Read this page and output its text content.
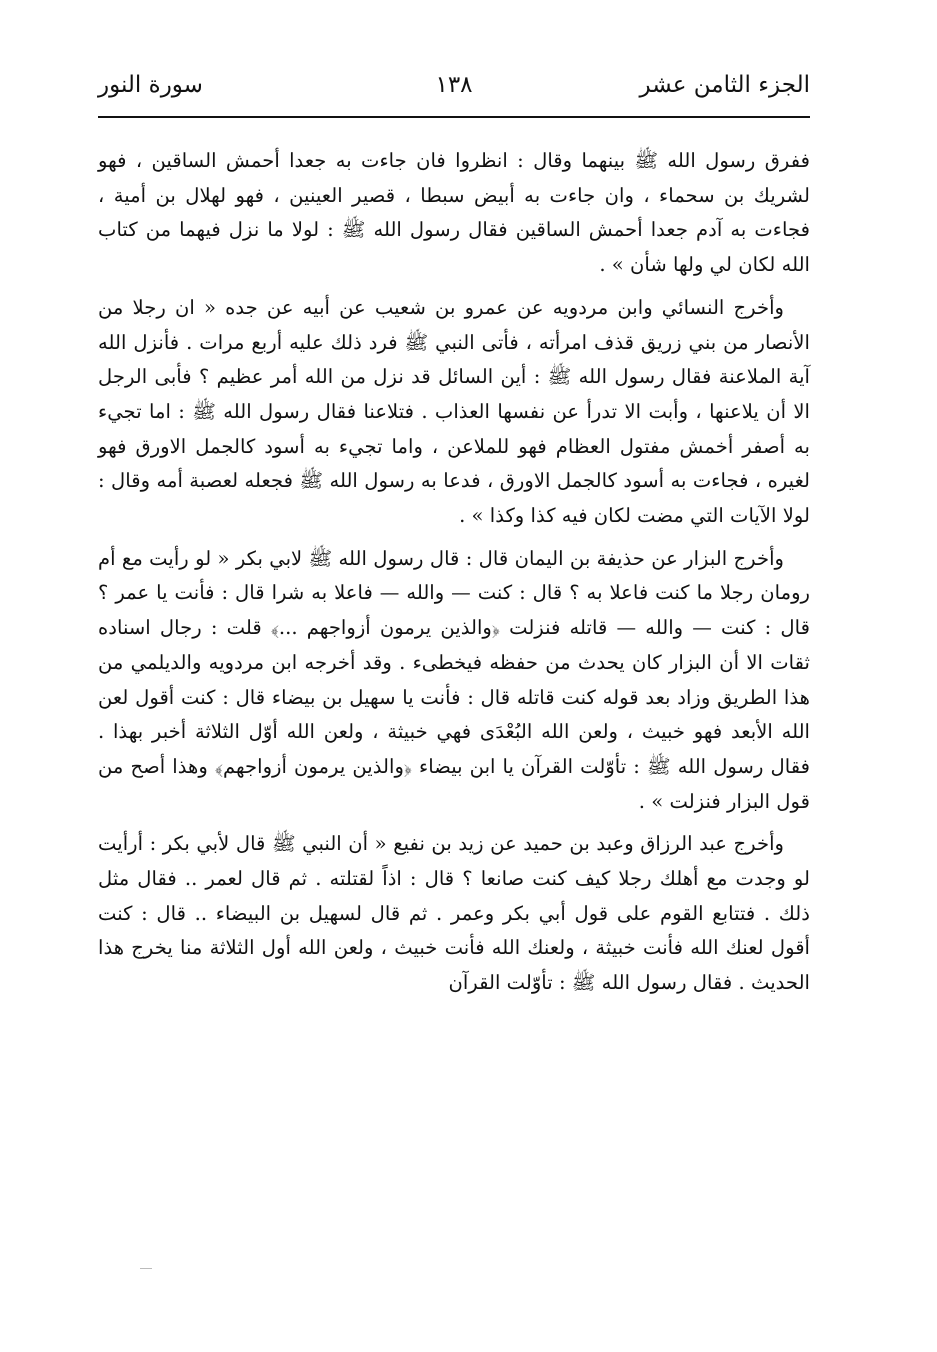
الجزء الثامن عشر
١٣٨
سورة النور

ففرق رسول الله ﷺ بينهما وقال : انظروا فان جاءت به جعدا أحمش الساقين ، فهو لشريك بن سحماء ، وان جاءت به أبيض سبطا ، قصير العينين ، فهو لهلال بن أمية ، فجاءت به آدم جعدا أحمش الساقين فقال رسول الله ﷺ : لولا ما نزل فيهما من كتاب الله لكان لي ولها شأن » .

وأخرج النسائي وابن مردويه عن عمرو بن شعيب عن أبيه عن جده « ان رجلا من الأنصار من بني زريق قذف امرأته ، فأتى النبي ﷺ فرد ذلك عليه أربع مرات . فأنزل الله آية الملاعنة فقال رسول الله ﷺ : أين السائل قد نزل من الله أمر عظيم ؟ فأبى الرجل الا أن يلاعنها ، وأبت الا تدرأ عن نفسها العذاب . فتلاعنا فقال رسول الله ﷺ : اما تجيء به أصفر أخمش مفتول العظام فهو للملاعن ، واما تجيء به أسود كالجمل الاورق فهو لغيره ، فجاءت به أسود كالجمل الاورق ، فدعا به رسول الله ﷺ فجعله لعصبة أمه وقال : لولا الآيات التي مضت لكان فيه كذا وكذا » .

وأخرج البزار عن حذيفة بن اليمان قال : قال رسول الله ﷺ لابي بكر « لو رأيت مع أم رومان رجلا ما كنت فاعلا به ؟ قال : كنت — والله — فاعلا به شرا قال : فأنت يا عمر ؟ قال : كنت — والله — قاتله فنزلت ﴿والذين يرمون أزواجهم ...﴾ قلت : رجال اسناده ثقات الا أن البزار كان يحدث من حفظه فيخطىء . وقد أخرجه ابن مردويه والديلمي من هذا الطريق وزاد بعد قوله كنت قاتله قال : فأنت يا سهيل بن بيضاء قال : كنت أقول لعن الله الأبعد فهو خبيث ، ولعن الله البُعْدَى فهي خبيثة ، ولعن الله أوّل الثلاثة أخبر بهذا . فقال رسول الله ﷺ : تأوّلت القرآن يا ابن بيضاء ﴿والذين يرمون أزواجهم﴾ وهذا أصح من قول البزار فنزلت » .

وأخرج عبد الرزاق وعبد بن حميد عن زيد بن نفيع « أن النبي ﷺ قال لأبي بكر : أرأيت لو وجدت مع أهلك رجلا كيف كنت صانعا ؟ قال : اذاً لقتلته . ثم قال لعمر .. فقال مثل ذلك . فتتابع القوم على قول أبي بكر وعمر . ثم قال لسهيل بن البيضاء .. قال : كنت أقول لعنك الله فأنت خبيثة ، ولعنك الله فأنت خبيث ، ولعن الله أول الثلاثة منا يخرج هذا الحديث . فقال رسول الله ﷺ : تأوّلت القرآن
